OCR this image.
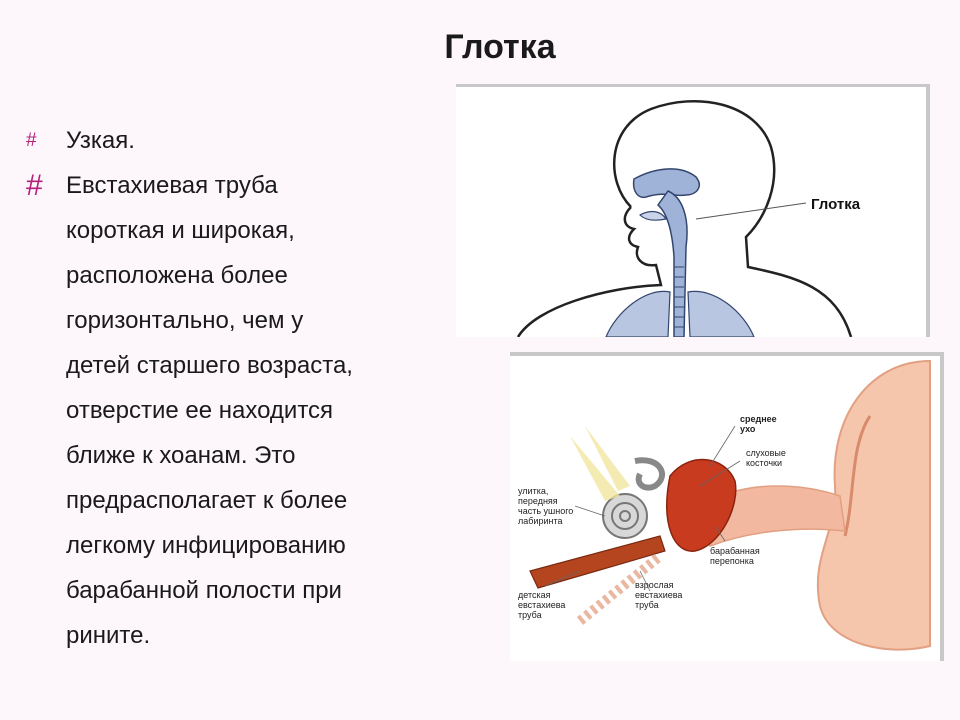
Глотка
# Узкая.
# Евстахиевая труба
короткая и широкая,
расположена более
горизонтально, чем у
детей старшего возраста,
отверстие ее находится
ближе к хоанам. Это
предрасполагает к более
легкому инфицированию
барабанной полости при
рините.
Глотка
среднее ухо
слуховые косточки
улитка, передняя часть ушного лабиринта
барабанная перепонка
детская евстахиева труба
взрослая евстахиева труба
